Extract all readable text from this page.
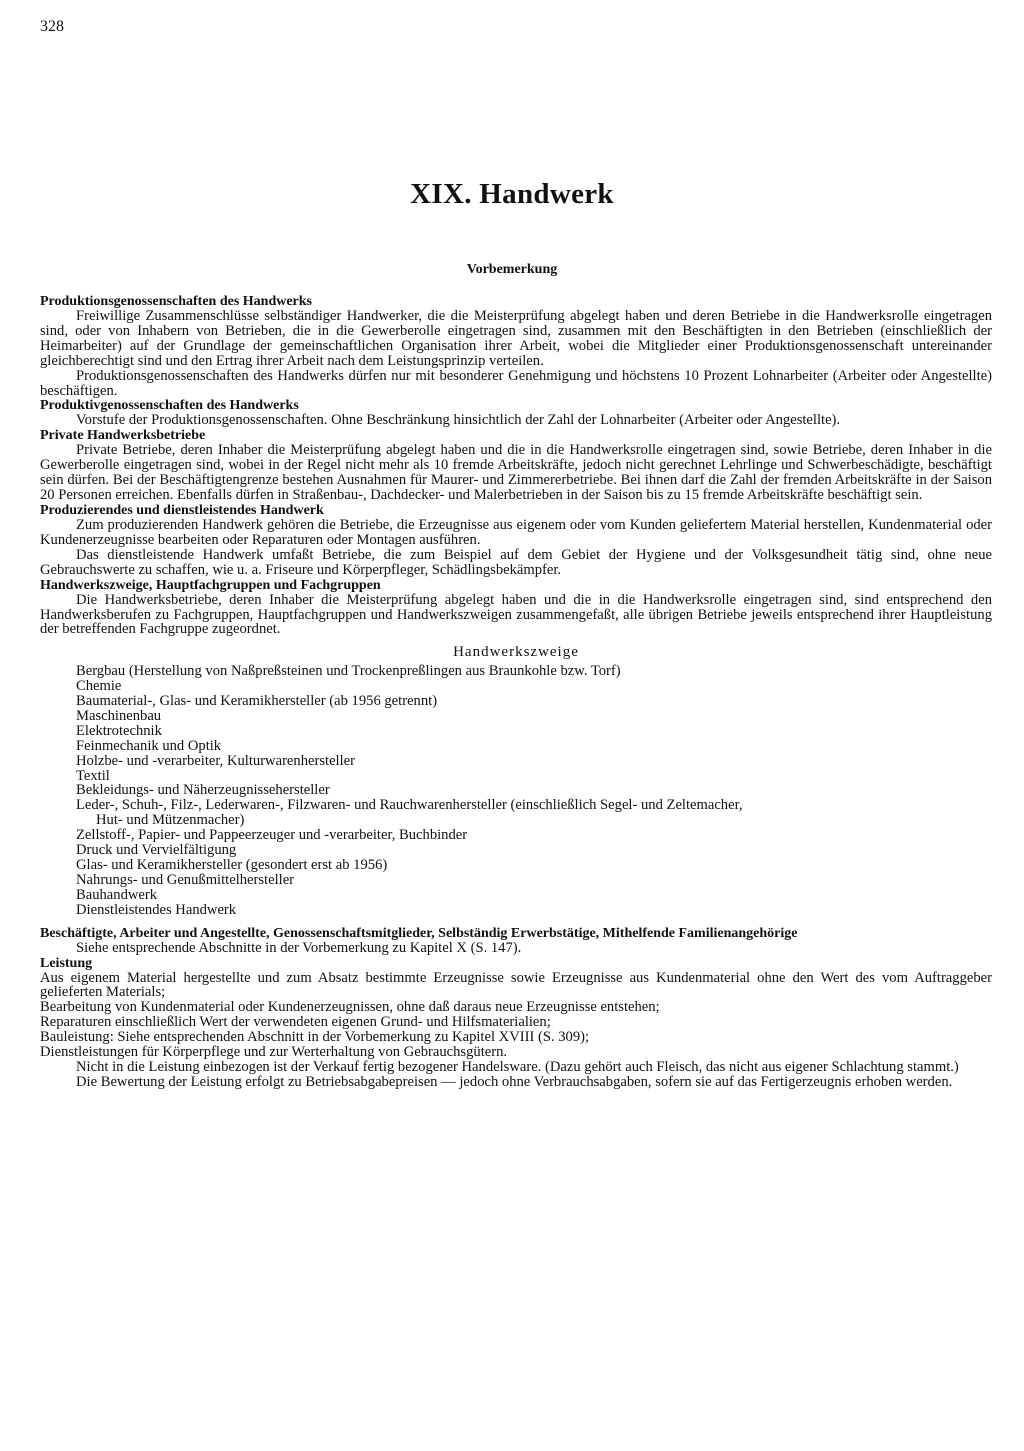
328
XIX. Handwerk
Vorbemerkung
Produktionsgenossenschaften des Handwerks

Freiwillige Zusammenschlüsse selbständiger Handwerker, die die Meisterprüfung abgelegt haben und deren Betriebe in die Handwerksrolle eingetragen sind, oder von Inhabern von Betrieben, die in die Gewerberolle eingetragen sind, zusammen mit den Beschäftigten in den Betrieben (einschließlich der Heimarbeiter) auf der Grundlage der gemeinschaftlichen Organisation ihrer Arbeit, wobei die Mitglieder einer Produktionsgenossenschaft untereinander gleichberechtigt sind und den Ertrag ihrer Arbeit nach dem Leistungsprinzip verteilen.

Produktionsgenossenschaften des Handwerks dürfen nur mit besonderer Genehmigung und höchstens 10 Prozent Lohnarbeiter (Arbeiter oder Angestellte) beschäftigen.

Produktivgenossenschaften des Handwerks

Vorstufe der Produktionsgenossenschaften. Ohne Beschränkung hinsichtlich der Zahl der Lohnarbeiter (Arbeiter oder Angestellte).

Private Handwerksbetriebe

Private Betriebe, deren Inhaber die Meisterprüfung abgelegt haben und die in die Handwerksrolle eingetragen sind, sowie Betriebe, deren Inhaber in die Gewerberolle eingetragen sind, wobei in der Regel nicht mehr als 10 fremde Arbeitskräfte, jedoch nicht gerechnet Lehrlinge und Schwerbeschädigte, beschäftigt sein dürfen. Bei der Beschäftigtengrenze bestehen Ausnahmen für Maurer- und Zimmererbetriebe. Bei ihnen darf die Zahl der fremden Arbeitskräfte in der Saison 20 Personen erreichen. Ebenfalls dürfen in Straßenbau-, Dachdecker- und Malerbetrieben in der Saison bis zu 15 fremde Arbeitskräfte beschäftigt sein.

Produzierendes und dienstleistendes Handwerk

Zum produzierenden Handwerk gehören die Betriebe, die Erzeugnisse aus eigenem oder vom Kunden geliefertem Material herstellen, Kundenmaterial oder Kundenerzeugnisse bearbeiten oder Reparaturen oder Montagen ausführen.

Das dienstleistende Handwerk umfaßt Betriebe, die zum Beispiel auf dem Gebiet der Hygiene und der Volksgesundheit tätig sind, ohne neue Gebrauchswerte zu schaffen, wie u. a. Friseure und Körperpfleger, Schädlingsbekämpfer.

Handwerkszweige, Hauptfachgruppen und Fachgruppen

Die Handwerksbetriebe, deren Inhaber die Meisterprüfung abgelegt haben und die in die Handwerksrolle eingetragen sind, sind entsprechend den Handwerksberufen zu Fachgruppen, Hauptfachgruppen und Handwerkszweigen zusammengefaßt, alle übrigen Betriebe jeweils entsprechend ihrer Hauptleistung der betreffenden Fachgruppe zugeordnet.

Handwerkszweige
Bergbau (Herstellung von Naßpreßsteinen und Trockenpreßlingen aus Braunkohle bzw. Torf)
Chemie
Baumaterial-, Glas- und Keramikhersteller (ab 1956 getrennt)
Maschinenbau
Elektrotechnik
Feinmechanik und Optik
Holzbe- und -verarbeiter, Kulturwarenhersteller
Textil
Bekleidungs- und Näherzeugnissehersteller
Leder-, Schuh-, Filz-, Lederwaren-, Filzwaren- und Rauchwarenhersteller (einschließlich Segel- und Zeltemacher,
Hut- und Mützenmacher)
Zellstoff-, Papier- und Pappeerzeuger und -verarbeiter, Buchbinder
Druck und Vervielfältigung
Glas- und Keramikhersteller (gesondert erst ab 1956)
Nahrungs- und Genußmittelhersteller
Bauhandwerk
Dienstleistendes Handwerk
Beschäftigte, Arbeiter und Angestellte, Genossenschaftsmitglieder, Selbständig Erwerbstätige, Mithelfende Familienangehörige

Siehe entsprechende Abschnitte in der Vorbemerkung zu Kapitel X (S. 147).

Leistung

Aus eigenem Material hergestellte und zum Absatz bestimmte Erzeugnisse sowie Erzeugnisse aus Kundenmaterial ohne den Wert des vom Auftraggeber gelieferten Materials;

Bearbeitung von Kundenmaterial oder Kundenerzeugnissen, ohne daß daraus neue Erzeugnisse entstehen;

Reparaturen einschließlich Wert der verwendeten eigenen Grund- und Hilfsmaterialien;

Bauleistung: Siehe entsprechenden Abschnitt in der Vorbemerkung zu Kapitel XVIII (S. 309);

Dienstleistungen für Körperpflege und zur Werterhaltung von Gebrauchsgütern.

Nicht in die Leistung einbezogen ist der Verkauf fertig bezogener Handelsware. (Dazu gehört auch Fleisch, das nicht aus eigener Schlachtung stammt.)

Die Bewertung der Leistung erfolgt zu Betriebsabgabepreisen — jedoch ohne Verbrauchsabgaben, sofern sie auf das Fertigerzeugnis erhoben werden.
